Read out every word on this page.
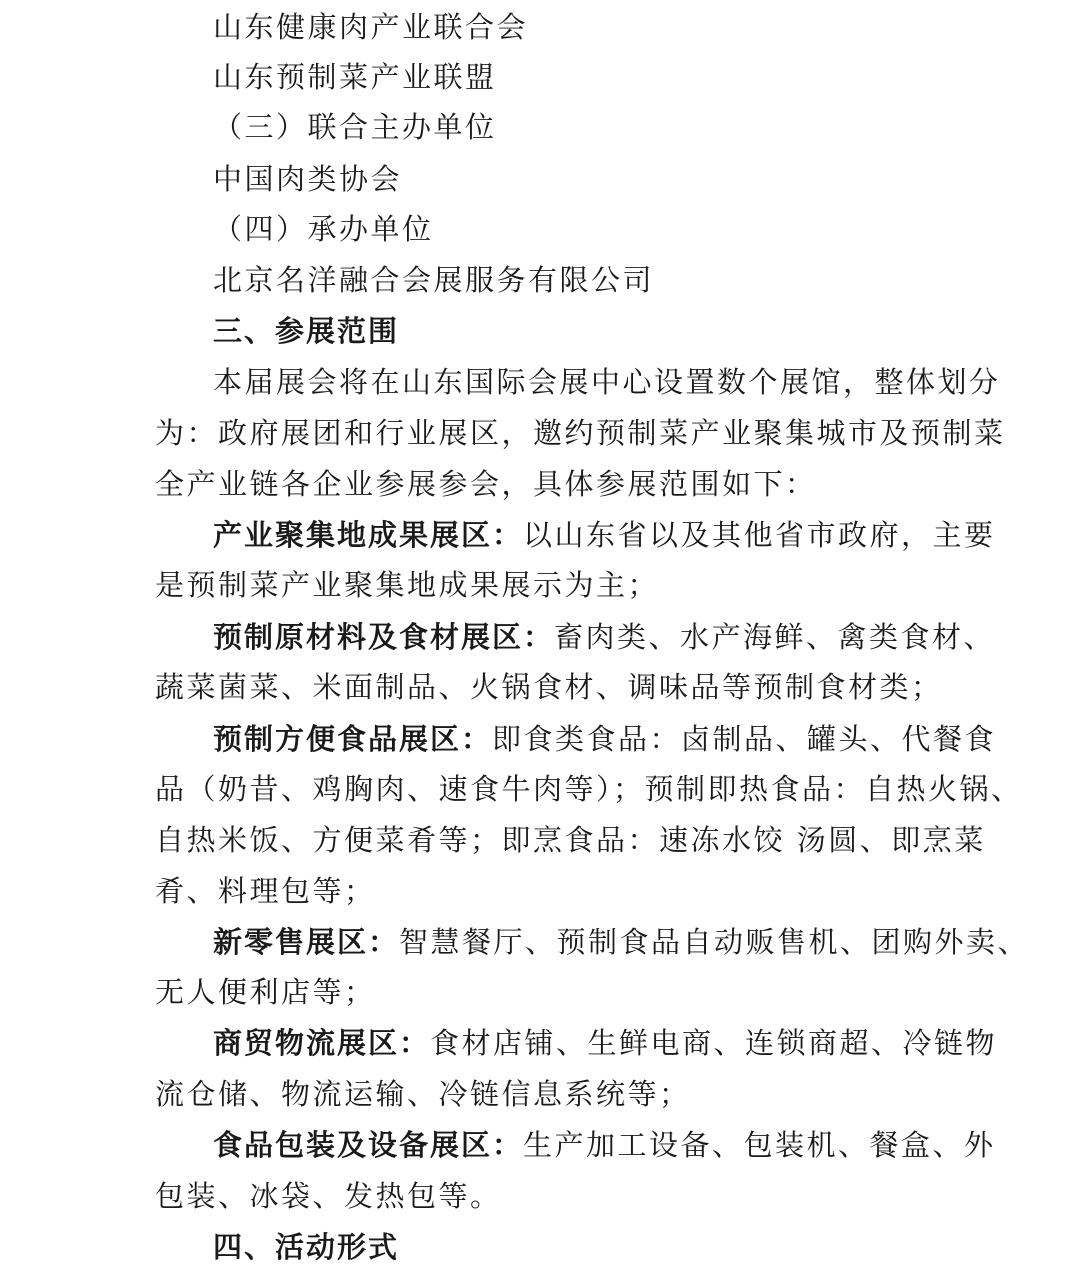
山东健康肉产业联合会
山东预制菜产业联盟
（三）联合主办单位
中国肉类协会
（四）承办单位
北京名洋融合会展服务有限公司
三、参展范围
本届展会将在山东国际会展中心设置数个展馆，整体划分
为：政府展团和行业展区，邀约预制菜产业聚集城市及预制菜
全产业链各企业参展参会，具体参展范围如下：
产业聚集地成果展区：以山东省以及其他省市政府，主要
是预制菜产业聚集地成果展示为主；
预制原材料及食材展区：畜肉类、水产海鲜、禽类食材、
蔬菜菌菜、米面制品、火锅食材、调味品等预制食材类；
预制方便食品展区：即食类食品：卤制品、罐头、代餐食
品（奶昔、鸡胸肉、速食牛肉等）；预制即热食品：自热火锅、
自热米饭、方便菜肴等；即烹食品：速冻水饺 汤圆、即烹菜
肴、料理包等；
新零售展区：智慧餐厅、预制食品自动贩售机、团购外卖、
无人便利店等；
商贸物流展区：食材店铺、生鲜电商、连锁商超、冷链物
流仓储、物流运输、冷链信息系统等；
食品包装及设备展区：生产加工设备、包装机、餐盒、外
包装、冰袋、发热包等。
四、活动形式
